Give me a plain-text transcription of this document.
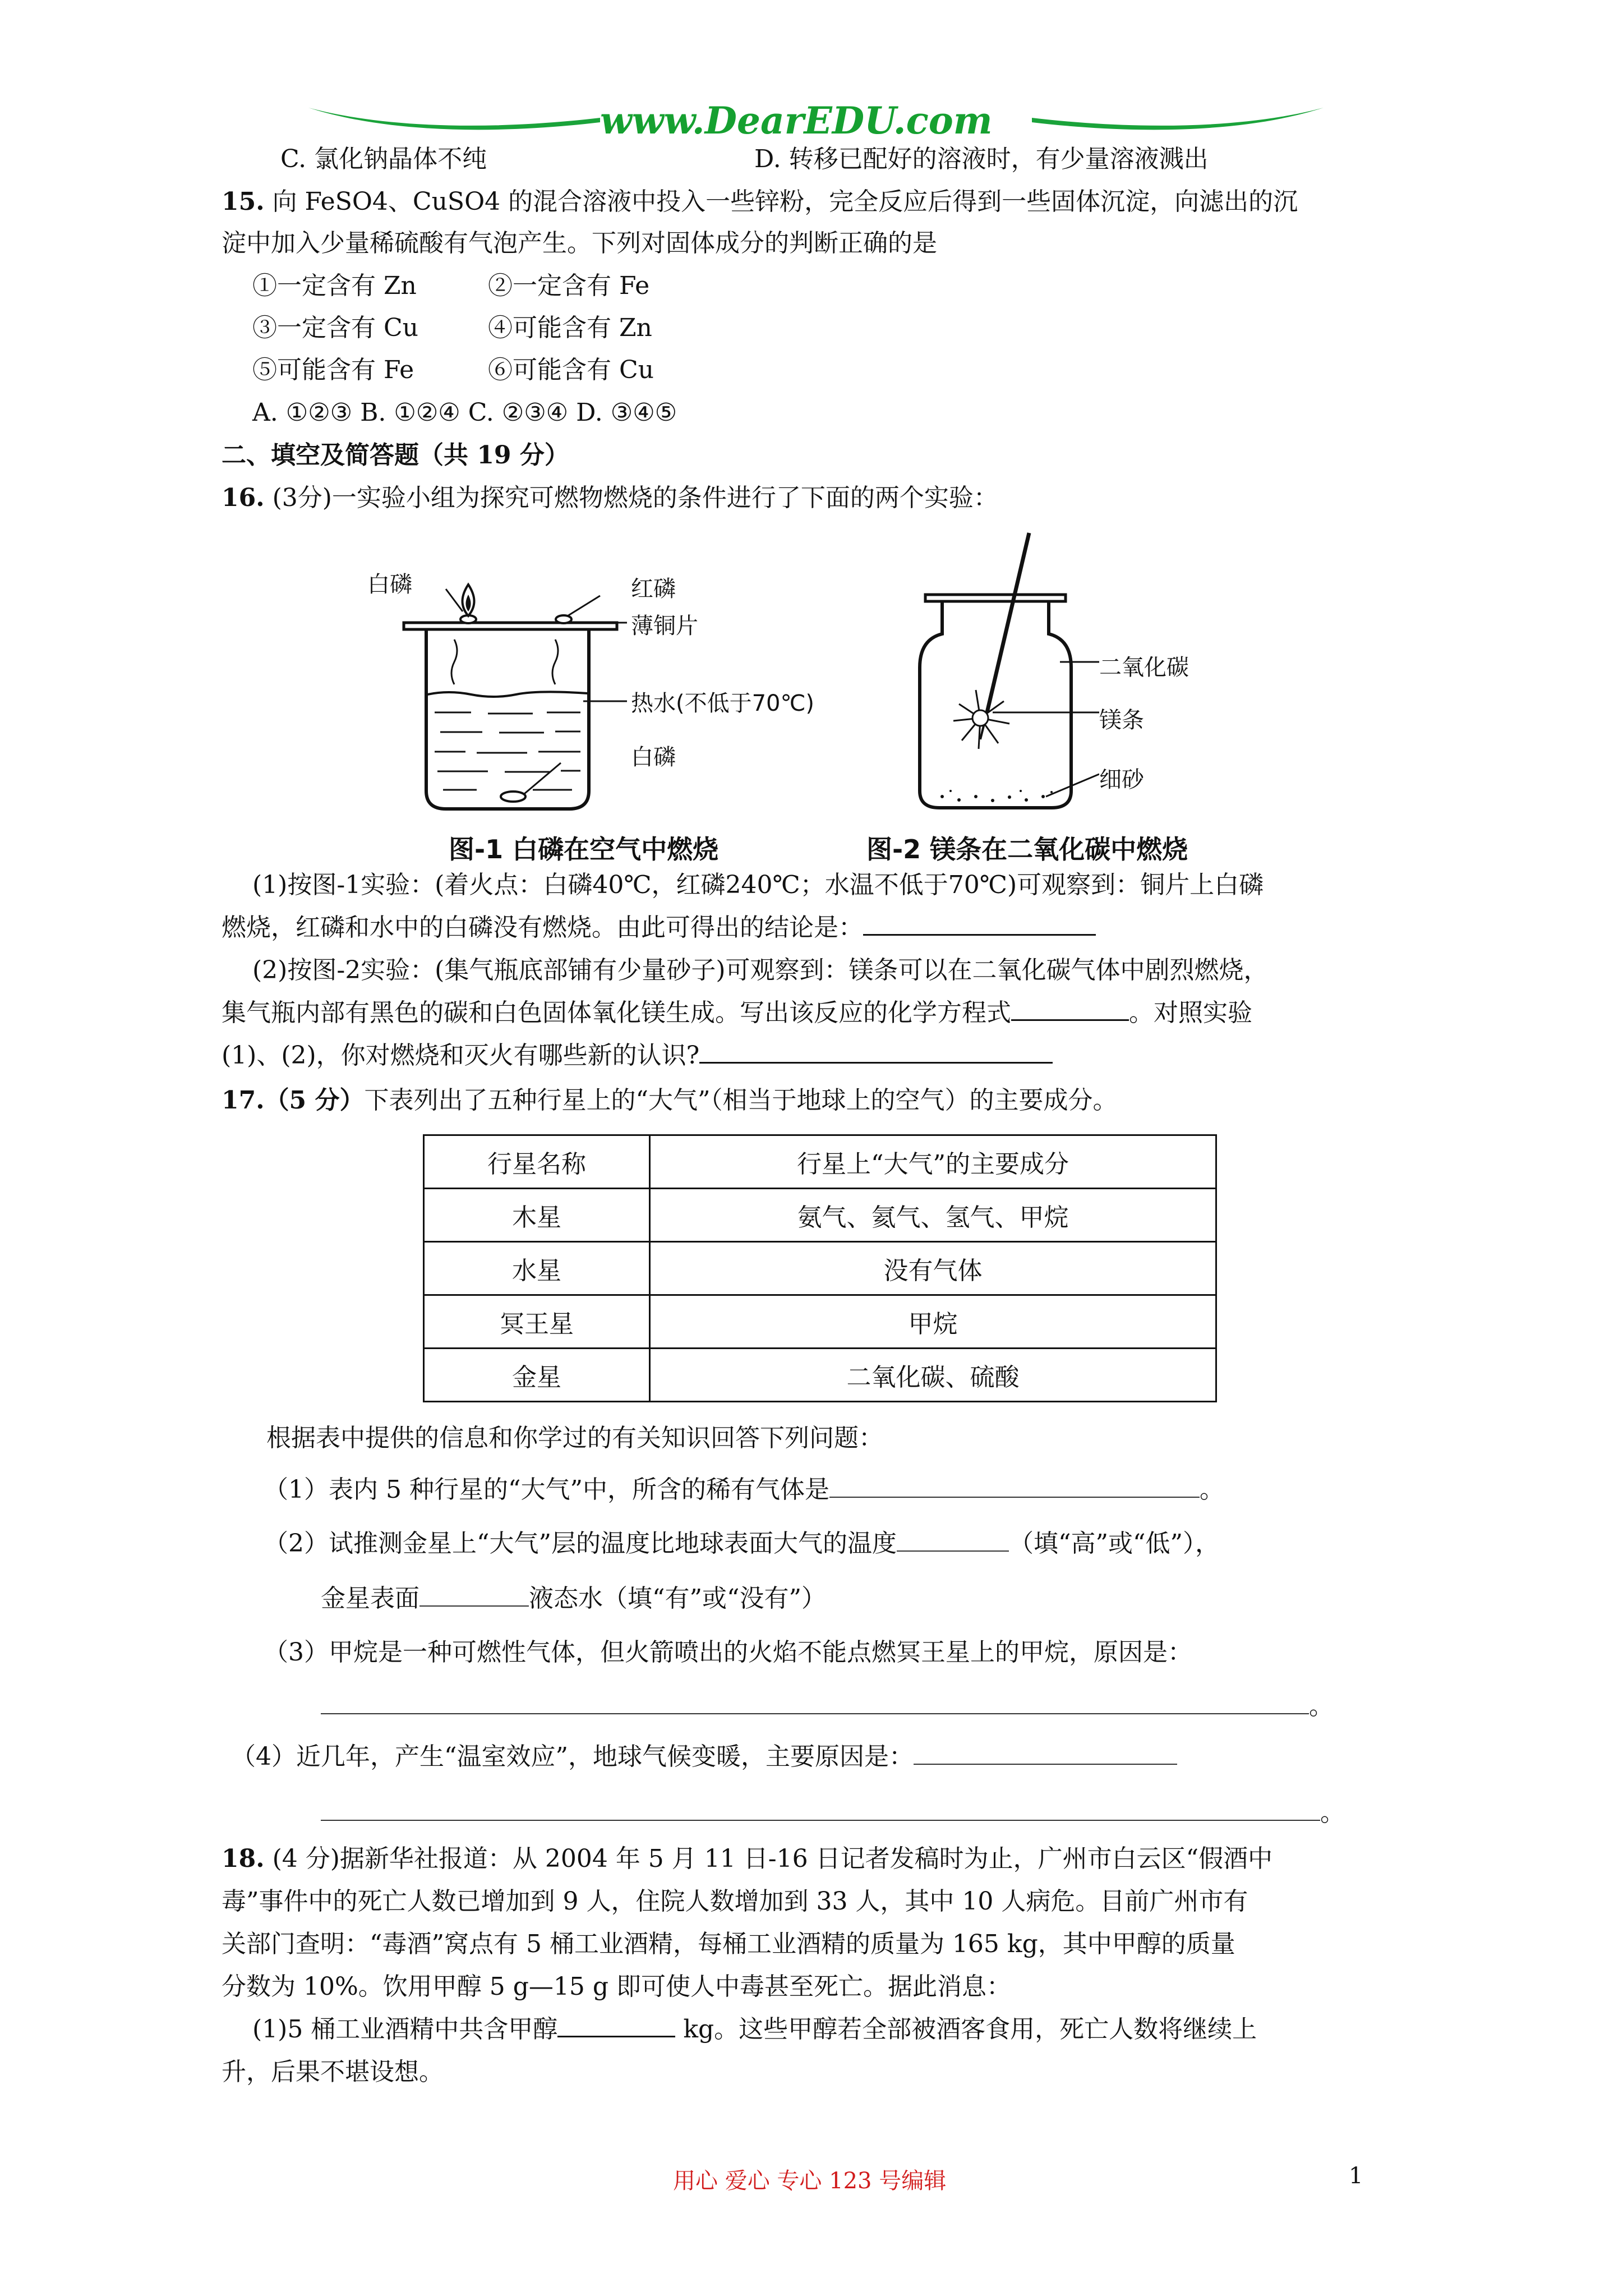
www.DearEDU.com
C. 氯化钠晶体不纯	D. 转移已配好的溶液时，有少量溶液溅出
15. 向 FeSO4、CuSO4 的混合溶液中投入一些锌粉，完全反应后得到一些固体沉淀，向滤出的沉
淀中加入少量稀硫酸有气泡产生。下列对固体成分的判断正确的是
①一定含有 Zn	②一定含有 Fe
③一定含有 Cu	④可能含有 Zn
⑤可能含有 Fe	⑥可能含有 Cu
A. ①②③ B. ①②④ C. ②③④ D. ③④⑤
二、填空及简答题（共 19 分）
16. (3分)一实验小组为探究可燃物燃烧的条件进行了下面的两个实验：
白磷	红磷
薄铜片
热水(不低于70℃)
白磷
二氧化碳
镁条
细砂
图-1 白磷在空气中燃烧	图-2 镁条在二氧化碳中燃烧
(1)按图-1实验：(着火点：白磷40℃，红磷240℃；水温不低于70℃)可观察到：铜片上白磷
燃烧，红磷和水中的白磷没有燃烧。由此可得出的结论是：
(2)按图-2实验：(集气瓶底部铺有少量砂子)可观察到：镁条可以在二氧化碳气体中剧烈燃烧，
集气瓶内部有黑色的碳和白色固体氧化镁生成。写出该反应的化学方程式	。对照实验
(1)、(2)，你对燃烧和灭火有哪些新的认识?
17.（5 分）下表列出了五种行星上的“大气”（相当于地球上的空气）的主要成分。
行星名称	行星上“大气”的主要成分
木星	氨气、氦气、氢气、甲烷
水星	没有气体
冥王星	甲烷
金星	二氧化碳、硫酸
根据表中提供的信息和你学过的有关知识回答下列问题：
（1）表内 5 种行星的“大气”中，所含的稀有气体是	。
（2）试推测金星上“大气”层的温度比地球表面大气的温度	（填“高”或“低”），
金星表面	液态水（填“有”或“没有”）
（3）甲烷是一种可燃性气体，但火箭喷出的火焰不能点燃冥王星上的甲烷，原因是：
。
（4）近几年，产生“温室效应”，地球气候变暖，主要原因是：
。
18. (4 分)据新华社报道：从 2004 年 5 月 11 日-16 日记者发稿时为止，广州市白云区“假酒中
毒”事件中的死亡人数已增加到 9 人，住院人数增加到 33 人，其中 10 人病危。目前广州市有
关部门查明：“毒酒”窝点有 5 桶工业酒精，每桶工业酒精的质量为 165 kg，其中甲醇的质量
分数为 10%。饮用甲醇 5 g—15 g 即可使人中毒甚至死亡。据此消息：
(1)5 桶工业酒精中共含甲醇	kg。这些甲醇若全部被酒客食用，死亡人数将继续上
升，后果不堪设想。
用心 爱心 专心 123 号编辑	1
